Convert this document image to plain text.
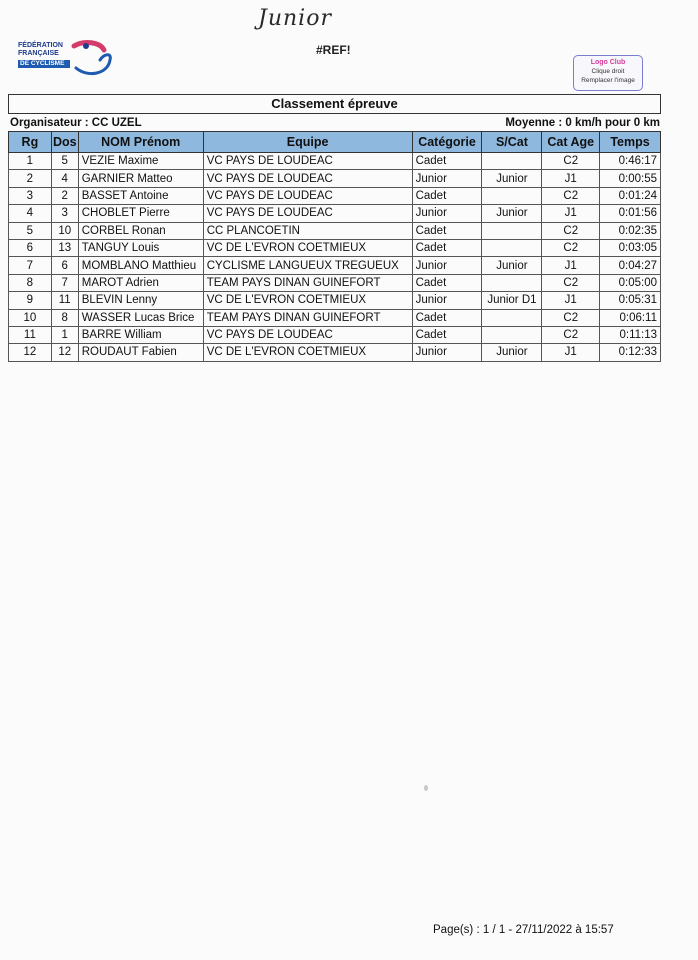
Junior
#REF!
FÉDÉRATION
FRANÇAISE
DE CYCLISME	Logo Club
Clique droit
Remplacer l'image
Classement épreuve
Organisateur : CC UZEL	Moyenne : 0 km/h pour 0 km
Rg	Dos	NOM Prénom	Equipe	Catégorie	S/Cat	Cat Age	Temps
1	5	VEZIE Maxime	VC PAYS DE LOUDEAC	Cadet		C2	0:46:17
2	4	GARNIER Matteo	VC PAYS DE LOUDEAC	Junior	Junior	J1	0:00:55
3	2	BASSET Antoine	VC PAYS DE LOUDEAC	Cadet		C2	0:01:24
4	3	CHOBLET Pierre	VC PAYS DE LOUDEAC	Junior	Junior	J1	0:01:56
5	10	CORBEL Ronan	CC PLANCOETIN	Cadet		C2	0:02:35
6	13	TANGUY Louis	VC DE L'EVRON COETMIEUX	Cadet		C2	0:03:05
7	6	MOMBLANO Matthieu	CYCLISME LANGUEUX TREGUEUX	Junior	Junior	J1	0:04:27
8	7	MAROT Adrien	TEAM PAYS DINAN GUINEFORT	Cadet		C2	0:05:00
9	11	BLEVIN Lenny	VC DE L'EVRON COETMIEUX	Junior	Junior D1	J1	0:05:31
10	8	WASSER Lucas Brice	TEAM PAYS DINAN GUINEFORT	Cadet		C2	0:06:11
11	1	BARRE William	VC PAYS DE LOUDEAC	Cadet		C2	0:11:13
12	12	ROUDAUT Fabien	VC DE L'EVRON COETMIEUX	Junior	Junior	J1	0:12:33
Page(s) : 1 / 1 - 27/11/2022 à 15:57
